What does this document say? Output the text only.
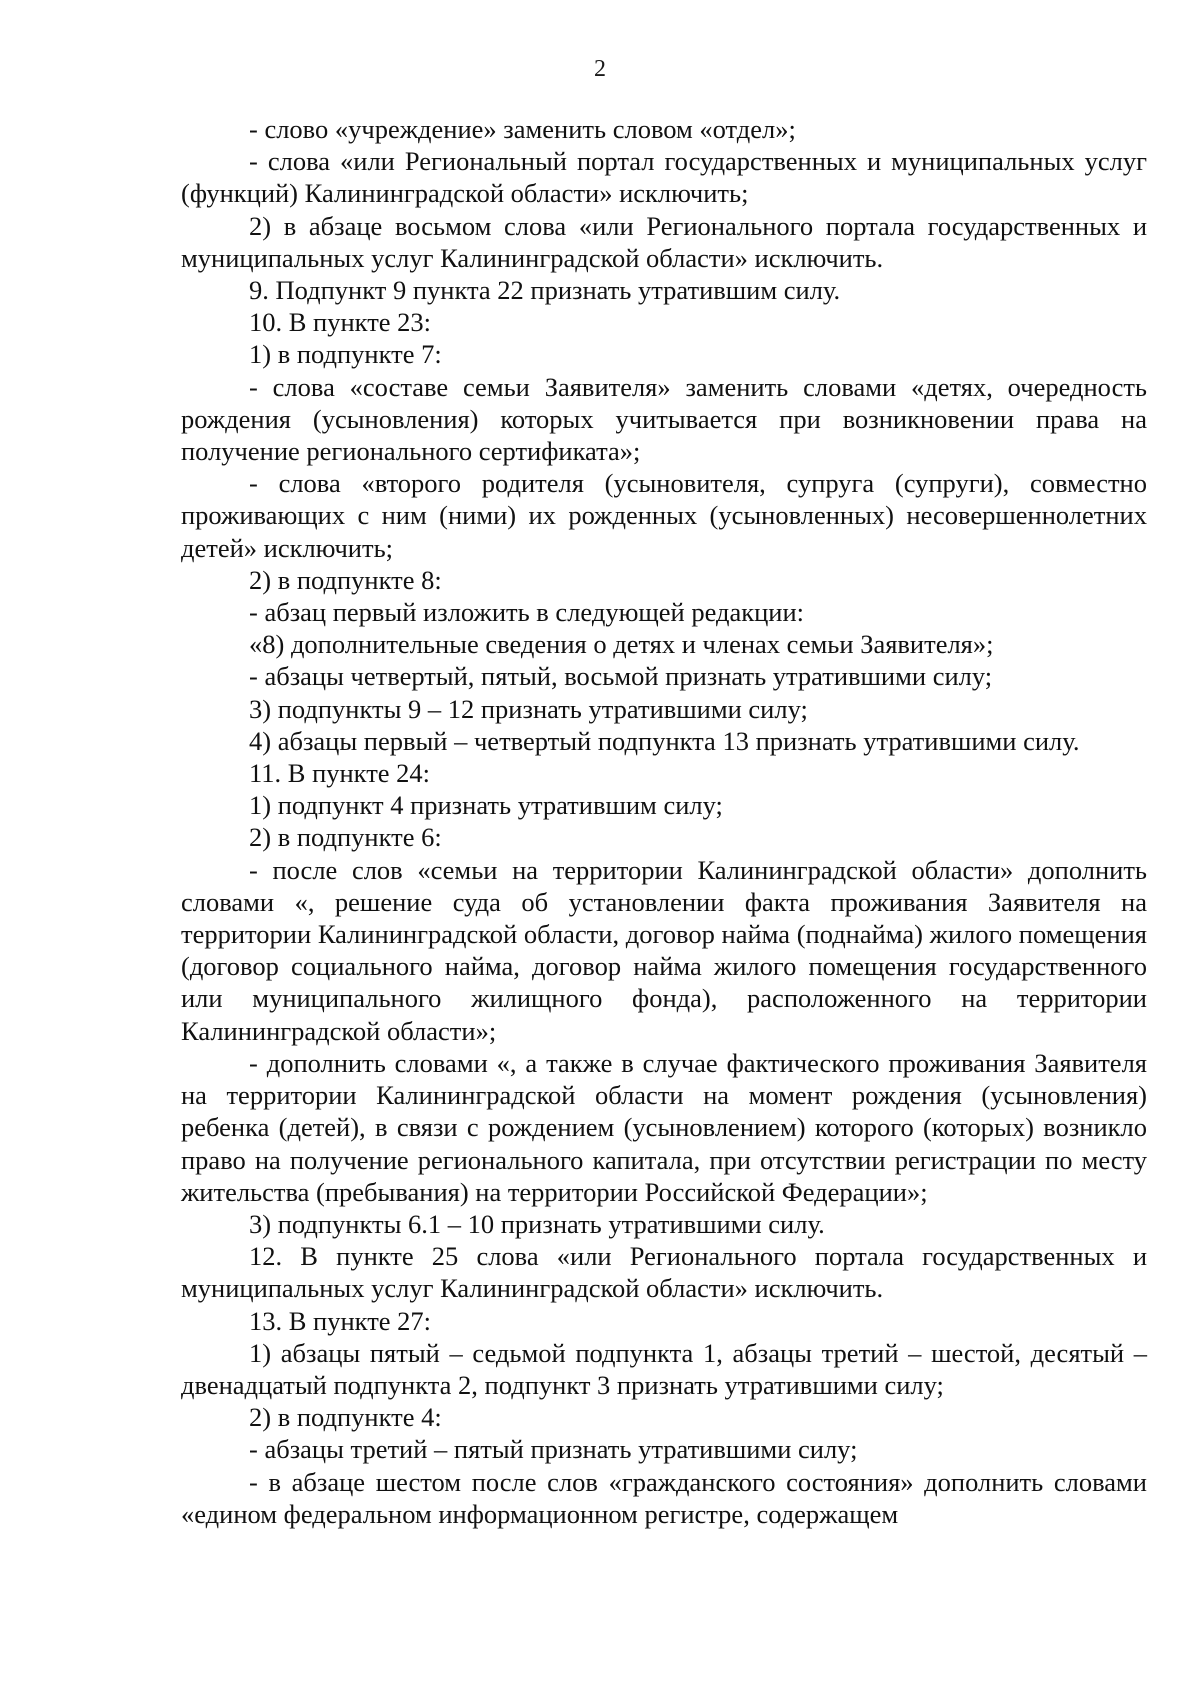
2

- слово «учреждение» заменить словом «отдел»;

- слова «или Региональный портал государственных и муниципальных услуг (функций) Калининградской области» исключить;

2) в абзаце восьмом слова «или Регионального портала государственных и муниципальных услуг Калининградской области» исключить.

9. Подпункт 9 пункта 22 признать утратившим силу.

10. В пункте 23:

1) в подпункте 7:

- слова «составе семьи Заявителя» заменить словами «детях, очередность рождения (усыновления) которых учитывается при возникновении права на получение регионального сертификата»;

- слова «второго родителя (усыновителя, супруга (супруги), совместно проживающих с ним (ними) их рожденных (усыновленных) несовершеннолетних детей» исключить;

2) в подпункте 8:

- абзац первый изложить в следующей редакции:

«8) дополнительные сведения о детях и членах семьи Заявителя»;

- абзацы четвертый, пятый, восьмой признать утратившими силу;

3) подпункты 9 – 12 признать утратившими силу;

4) абзацы первый – четвертый подпункта 13 признать утратившими силу.

11. В пункте 24:

1) подпункт 4 признать утратившим силу;

2) в подпункте 6:

- после слов «семьи на территории Калининградской области» дополнить словами «, решение суда об установлении факта проживания Заявителя на территории Калининградской области, договор найма (поднайма) жилого помещения (договор социального найма, договор найма жилого помещения государственного или муниципального жилищного фонда), расположенного на территории Калининградской области»;

- дополнить словами «, а также в случае фактического проживания Заявителя на территории Калининградской области на момент рождения (усыновления) ребенка (детей), в связи с рождением (усыновлением) которого (которых) возникло право на получение регионального капитала, при отсутствии регистрации по месту жительства (пребывания) на территории Российской Федерации»;

3) подпункты 6.1 – 10 признать утратившими силу.

12. В пункте 25 слова «или Регионального портала государственных и муниципальных услуг Калининградской области» исключить.

13. В пункте 27:

1) абзацы пятый – седьмой подпункта 1, абзацы третий – шестой, десятый – двенадцатый подпункта 2, подпункт 3 признать утратившими силу;

2) в подпункте 4:

- абзацы третий – пятый признать утратившими силу;

- в абзаце шестом после слов «гражданского состояния» дополнить словами «едином федеральном информационном регистре, содержащем
